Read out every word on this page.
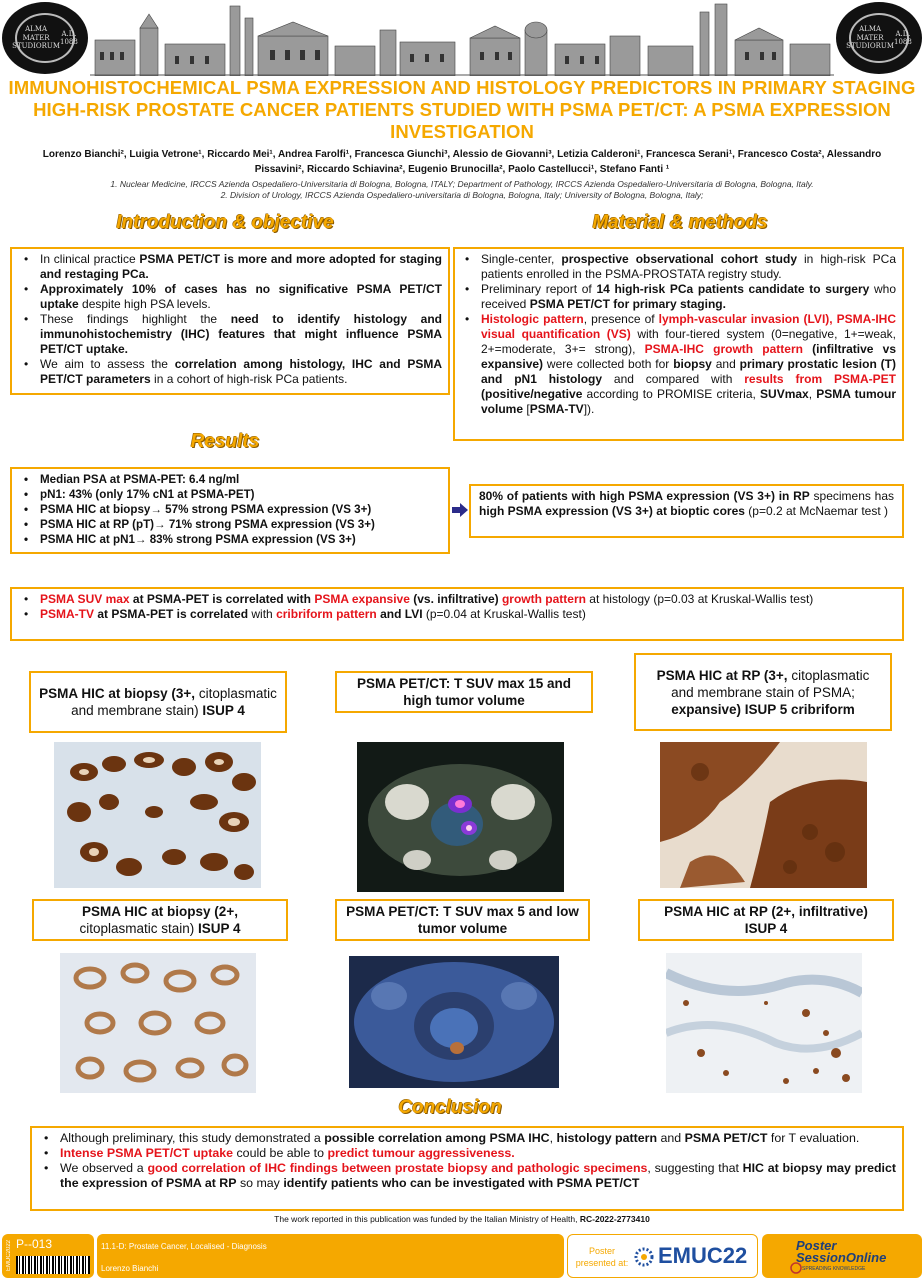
ALMA MATER STUDIORUM

A.D. 1088
ALMA MATER STUDIORUM

A.D. 1088
IMMUNOHISTOCHEMICAL PSMA EXPRESSION AND HISTOLOGY PREDICTORS IN PRIMARY STAGING HIGH-RISK PROSTATE CANCER PATIENTS STUDIED WITH PSMA PET/CT: A PSMA EXPRESSION INVESTIGATION
Lorenzo Bianchi², Luigia Vetrone¹, Riccardo Mei¹, Andrea Farolfi¹, Francesca Giunchi³, Alessio de Giovanni³, Letizia Calderoni¹, Francesca Serani¹, Francesco Costa², Alessandro Pissavini², Riccardo Schiavina², Eugenio Brunocilla², Paolo Castellucci¹, Stefano Fanti ¹
1. Nuclear Medicine, IRCCS Azienda Ospedaliero-Universitaria di Bologna, Bologna, ITALY; Department of Pathology, IRCCS Azienda Ospedaliero-Universitaria di Bologna, Bologna, Italy.
2. Division of Urology, IRCCS Azienda Ospedaliero-universitaria di Bologna, Bologna, Italy; University of Bologna, Bologna, Italy;
Introduction & objective	Material & methods
• In clinical practice PSMA PET/CT is more and more adopted for staging and restaging PCa.
• Approximately 10% of cases has no significative PSMA PET/CT uptake despite high PSA levels.
• These findings highlight the need to identify histology and immunohistochemistry (IHC) features that might influence PSMA PET/CT uptake.
• We aim to assess the correlation among histology, IHC and PSMA PET/CT parameters in a cohort of high-risk PCa patients.
• Single-center, prospective observational cohort study in high-risk PCa patients enrolled in the PSMA-PROSTATA registry study.
• Preliminary report of 14 high-risk PCa patients candidate to surgery who received PSMA PET/CT for primary staging.
• Histologic pattern, presence of lymph-vascular invasion (LVI), PSMA-IHC visual quantification (VS) with four-tiered system (0=negative, 1+=weak, 2+=moderate, 3+= strong), PSMA-IHC growth pattern (infiltrative vs expansive) were collected both for biopsy and primary prostatic lesion (T) and pN1 histology and compared with results from PSMA-PET (positive/negative according to PROMISE criteria, SUVmax, PSMA tumour volume [PSMA-TV]).
Results
• Median PSA at PSMA-PET: 6.4 ng/ml
• pN1: 43% (only 17% cN1 at PSMA-PET)
• PSMA HIC at biopsy→ 57% strong PSMA expression (VS 3+)
• PSMA HIC at RP (pT)→ 71% strong PSMA expression (VS 3+)
• PSMA HIC at pN1→ 83% strong PSMA expression (VS 3+)
80% of patients with high PSMA expression (VS 3+) in RP specimens has high PSMA expression (VS 3+) at bioptic cores (p=0.2 at McNaemar test )
• PSMA SUV max at PSMA-PET is correlated with PSMA expansive (vs. infiltrative) growth pattern at histology (p=0.03 at Kruskal-Wallis test)
• PSMA-TV at PSMA-PET is correlated with cribriform pattern and LVI (p=0.04 at Kruskal-Wallis test)
PSMA HIC at biopsy (3+, citoplasmatic and membrane stain) ISUP 4
PSMA PET/CT: T SUV max 15 and high tumor volume
PSMA HIC at RP (3+, citoplasmatic and membrane stain of PSMA; expansive) ISUP 5 cribriform
PSMA HIC at biopsy (2+, citoplasmatic stain) ISUP 4
PSMA PET/CT: T SUV max 5 and low tumor volume
PSMA HIC at RP (2+, infiltrative) ISUP 4
Conclusion
• Although preliminary, this study demonstrated a possible correlation among PSMA IHC, histology pattern and PSMA PET/CT for T evaluation.
• Intense PSMA PET/CT uptake could be able to predict tumour aggressiveness.
• We observed a good correlation of IHC findings between prostate biopsy and pathologic specimens, suggesting that HIC at biopsy may predict the expression of PSMA at RP so may identify patients who can be investigated with PSMA PET/CT
The work reported in this publication was funded by the Italian Ministry of Health, RC-2022-2773410
EMUC2022 P--013	11.1-D: Prostate Cancer, Localised - Diagnosis
Lorenzo Bianchi
Poster presented at: EMUC22	Poster
SessionOnline
SPREADING KNOWLEDGE
